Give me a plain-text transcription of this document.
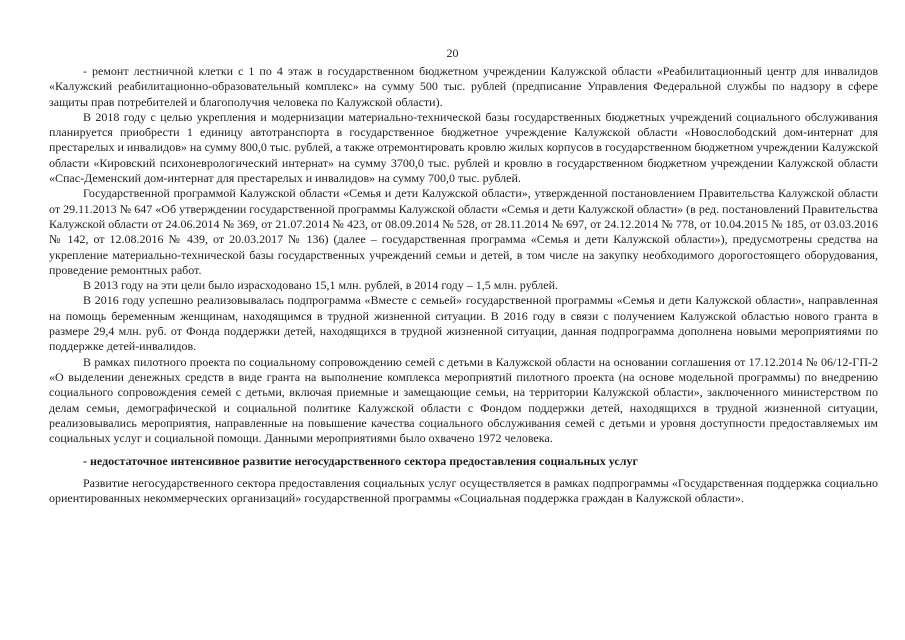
20

- ремонт лестничной клетки с 1 по 4 этаж в государственном бюджетном учреждении Калужской области «Реабилитационный центр для инвалидов «Калужский реабилитационно-образовательный комплекс» на сумму 500 тыс. рублей (предписание Управления Федеральной службы по надзору в сфере защиты прав потребителей и благополучия человека по Калужской области).

В 2018 году с целью укрепления и модернизации материально-технической базы государственных бюджетных учреждений социального обслуживания планируется приобрести 1 единицу автотранспорта в государственное бюджетное учреждение Калужской области «Новослободский дом-интернат для престарелых и инвалидов» на сумму 800,0 тыс. рублей, а также отремонтировать кровлю жилых корпусов в государственном бюджетном учреждении Калужской области «Кировский психоневрологический интернат» на сумму 3700,0 тыс. рублей и кровлю в государственном бюджетном учреждении Калужской области «Спас-Деменский дом-интернат для престарелых и инвалидов» на сумму 700,0 тыс. рублей.

Государственной программой Калужской области «Семья и дети Калужской области», утвержденной постановлением Правительства Калужской области от 29.11.2013 № 647 «Об утверждении государственной программы Калужской области «Семья и дети Калужской области» (в ред. постановлений Правительства Калужской области от 24.06.2014 № 369, от 21.07.2014 № 423, от 08.09.2014 № 528, от 28.11.2014 № 697, от 24.12.2014 № 778, от 10.04.2015 № 185, от 03.03.2016 № 142, от 12.08.2016 № 439, от 20.03.2017 № 136) (далее – государственная программа «Семья и дети Калужской области»), предусмотрены средства на укрепление материально-технической базы государственных учреждений семьи и детей, в том числе на закупку необходимого дорогостоящего оборудования, проведение ремонтных работ.

В 2013 году на эти цели было израсходовано 15,1 млн. рублей, в 2014 году – 1,5 млн. рублей.

В 2016 году успешно реализовывалась подпрограмма «Вместе с семьей» государственной программы «Семья и дети Калужской области», направленная на помощь беременным женщинам, находящимся в трудной жизненной ситуации. В 2016 году в связи с получением Калужской областью нового гранта в размере 29,4 млн. руб. от Фонда поддержки детей, находящихся в трудной жизненной ситуации, данная подпрограмма дополнена новыми мероприятиями по поддержке детей-инвалидов.

В рамках пилотного проекта по социальному сопровождению семей с детьми в Калужской области на основании соглашения от 17.12.2014 № 06/12-ГП-2 «О выделении денежных средств в виде гранта на выполнение комплекса мероприятий пилотного проекта (на основе модельной программы) по внедрению социального сопровождения семей с детьми, включая приемные и замещающие семьи, на территории Калужской области», заключенного министерством по делам семьи, демографической и социальной политике Калужской области с Фондом поддержки детей, находящихся в трудной жизненной ситуации, реализовывались мероприятия, направленные на повышение качества социального обслуживания семей с детьми и уровня доступности предоставляемых им социальных услуг и социальной помощи. Данными мероприятиями было охвачено 1972 человека.

- недостаточное интенсивное развитие негосударственного сектора предоставления социальных услуг

Развитие негосударственного сектора предоставления социальных услуг осуществляется в рамках подпрограммы «Государственная поддержка социально ориентированных некоммерческих организаций» государственной программы «Социальная поддержка граждан в Калужской области».
